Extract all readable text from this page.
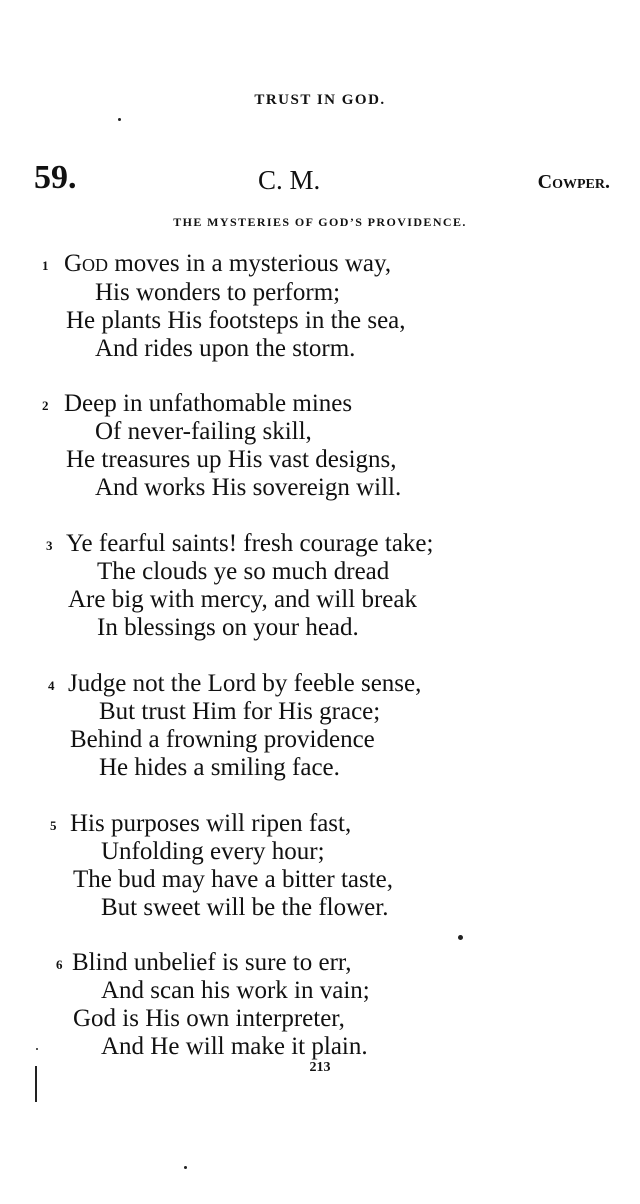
TRUST IN GOD.
59.	C. M.	Cowper.
THE MYSTERIES OF GOD’S PROVIDENCE.
1 God moves in a mysterious way,
His wonders to perform;
He plants His footsteps in the sea,
And rides upon the storm.
2 Deep in unfathomable mines
Of never-failing skill,
He treasures up His vast designs,
And works His sovereign will.
3 Ye fearful saints! fresh courage take;
The clouds ye so much dread
Are big with mercy, and will break
In blessings on your head.
4 Judge not the Lord by feeble sense,
But trust Him for His grace;
Behind a frowning providence
He hides a smiling face.
5 His purposes will ripen fast,
Unfolding every hour;
The bud may have a bitter taste,
But sweet will be the flower.
6 Blind unbelief is sure to err,
And scan his work in vain;
God is His own interpreter,
And He will make it plain.
213
